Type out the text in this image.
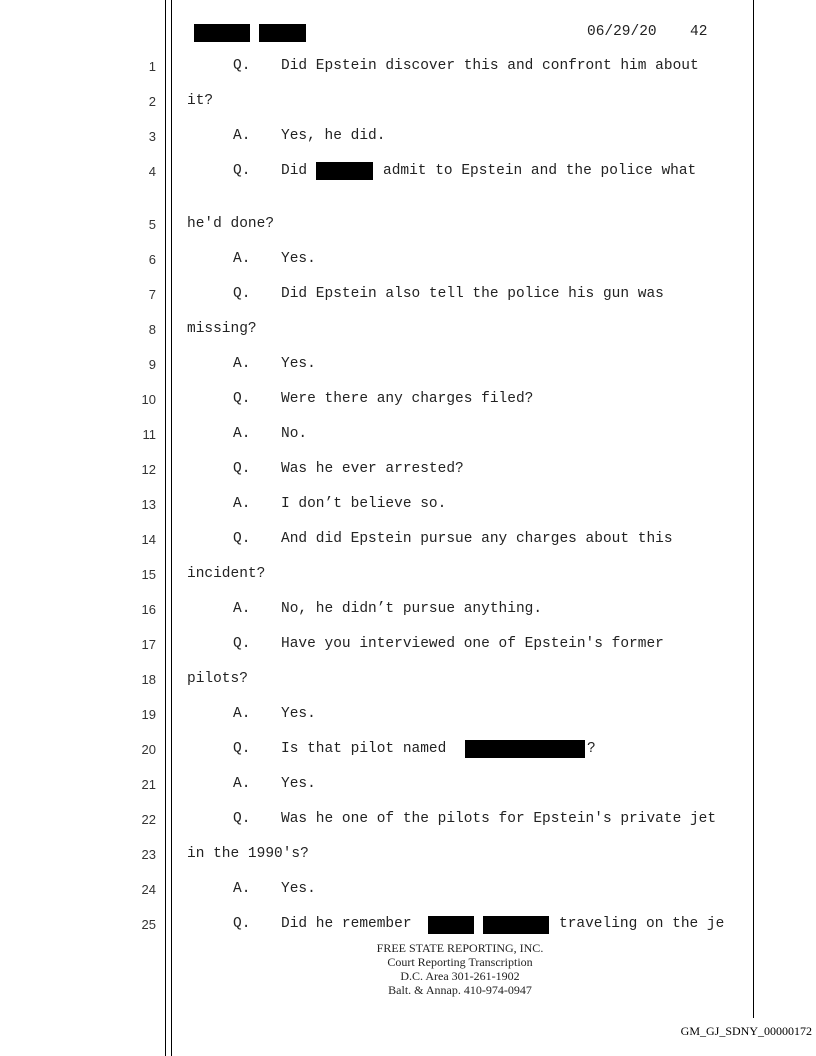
06/29/20 42
1	Q. Did Epstein discover this and confront him about
2 it?
3	A. Yes, he did.
4	Q. Did	admit to Epstein and the police what
5 he'd done?
6	A. Yes.
7	Q. Did Epstein also tell the police his gun was
8 missing?
9	A. Yes.
10	Q. Were there any charges filed?
11	A. No.
12	Q. Was he ever arrested?
13	A. I don’t believe so.
14	Q. And did Epstein pursue any charges about this
15 incident?
16	A. No, he didn’t pursue anything.
17	Q. Have you interviewed one of Epstein's former
18 pilots?
19	A. Yes.
20	Q. Is that pilot named	?
21	A. Yes.
22	Q. Was he one of the pilots for Epstein's private jet
23 in the 1990's?
24	A. Yes.
25	Q. Did he remember	traveling on the je
FREE STATE REPORTING, INC.
Court Reporting Transcription
D.C. Area 301-261-1902
Balt. & Annap. 410-974-0947
GM_GJ_SDNY_00000172
